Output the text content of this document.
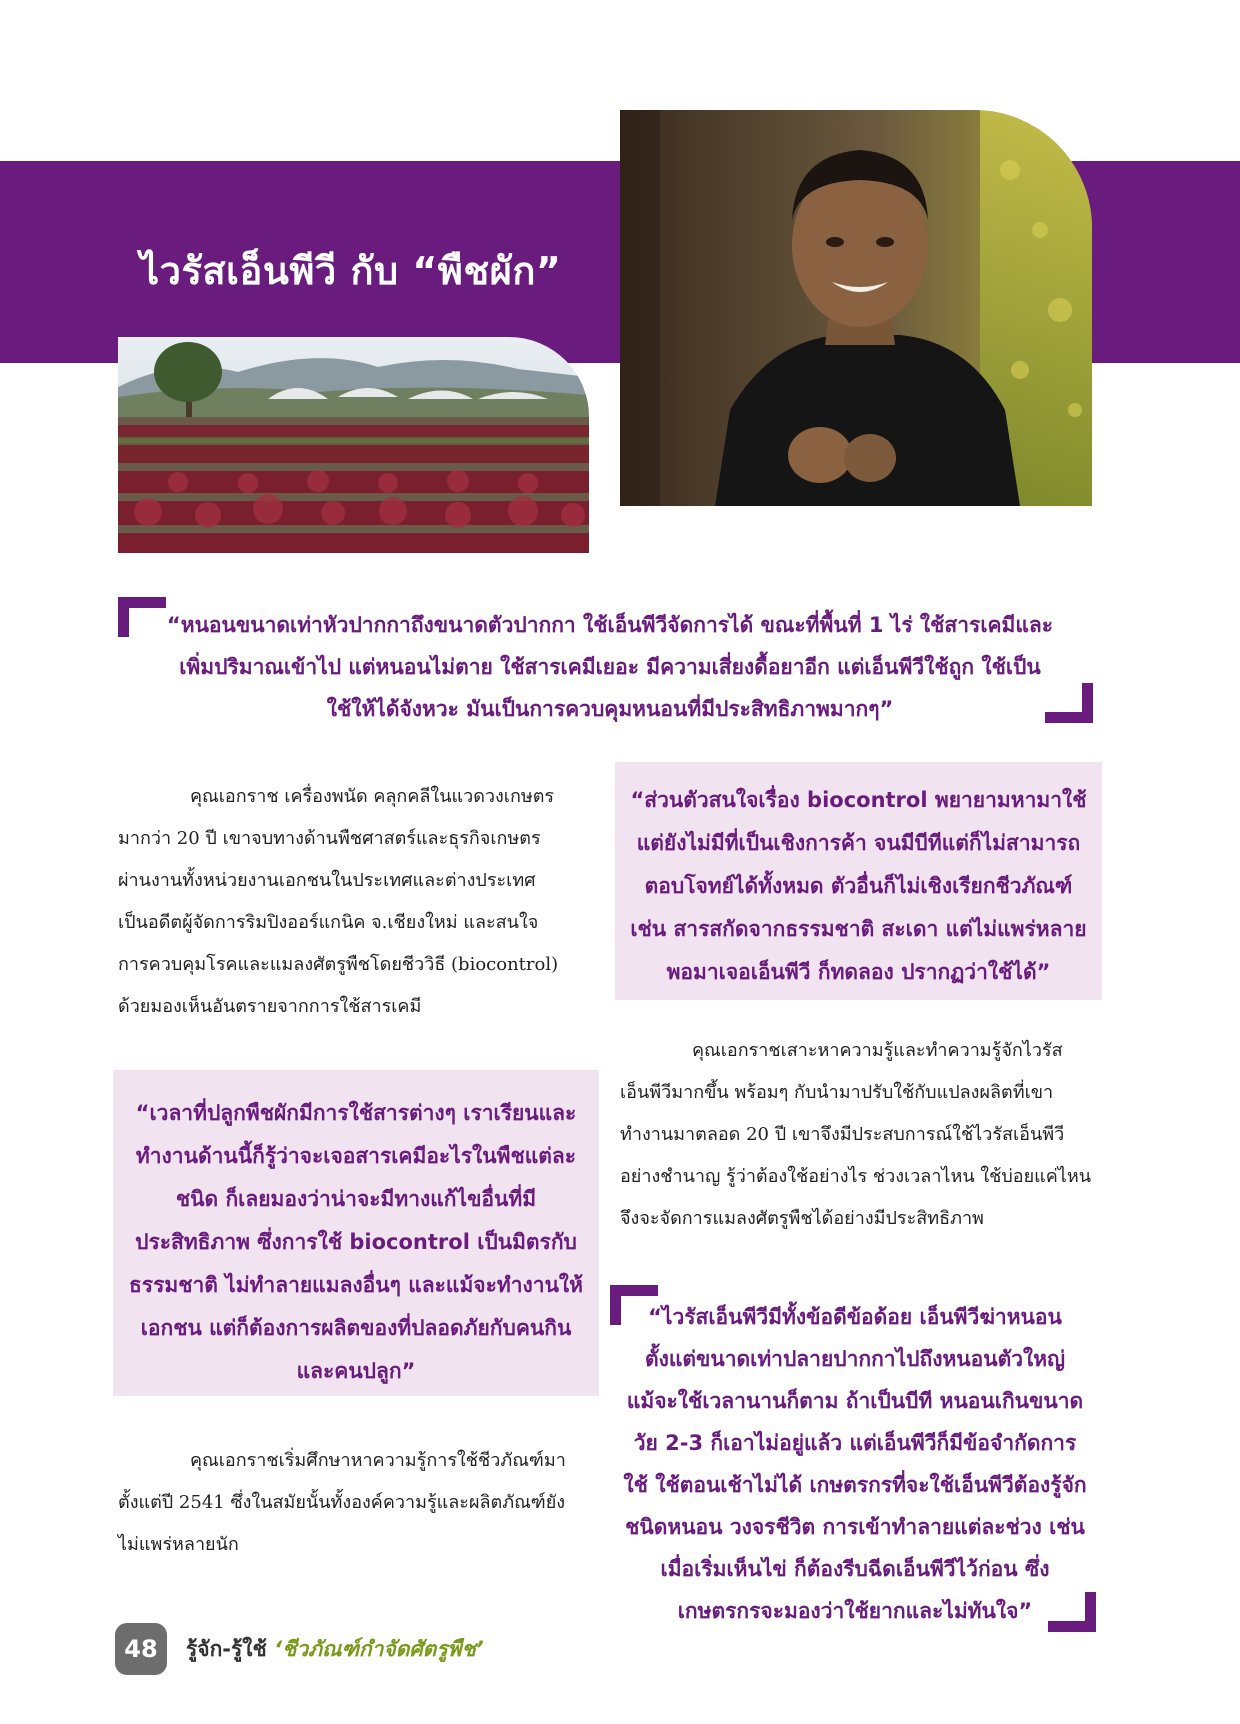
ไวรัสเอ็นพีวี กับ “พืชผัก”

“หนอนขนาดเท่าหัวปากกาถึงขนาดตัวปากกา ใช้เอ็นพีวีจัดการได้ ขณะที่พื้นที่ 1 ไร่ ใช้สารเคมีและ

เพิ่มปริมาณเข้าไป แต่หนอนไม่ตาย ใช้สารเคมีเยอะ มีความเสี่ยงดื้อยาอีก แต่เอ็นพีวีใช้ถูก ใช้เป็น

ใช้ให้ได้จังหวะ มันเป็นการควบคุมหนอนที่มีประสิทธิภาพมากๆ”

คุณเอกราช เครื่องพนัด คลุกคลีในแวดวงเกษตร
มากว่า 20 ปี เขาจบทางด้านพืชศาสตร์และธุรกิจเกษตร
ผ่านงานทั้งหน่วยงานเอกชนในประเทศและต่างประเทศ
เป็นอดีตผู้จัดการริมปิงออร์แกนิค จ.เชียงใหม่ และสนใจ
การควบคุมโรคและแมลงศัตรูพืชโดยชีววิธี (biocontrol)
ด้วยมองเห็นอันตรายจากการใช้สารเคมี

“เวลาที่ปลูกพืชผักมีการใช้สารต่างๆ เราเรียนและ

ทำงานด้านนี้ก็รู้ว่าจะเจอสารเคมีอะไรในพืชแต่ละ

ชนิด ก็เลยมองว่าน่าจะมีทางแก้ไขอื่นที่มี

ประสิทธิภาพ ซึ่งการใช้ biocontrol เป็นมิตรกับ

ธรรมชาติ ไม่ทำลายแมลงอื่นๆ และแม้จะทำงานให้

เอกชน แต่ก็ต้องการผลิตของที่ปลอดภัยกับคนกิน

และคนปลูก”

คุณเอกราชเริ่มศึกษาหาความรู้การใช้ชีวภัณฑ์มา
ตั้งแต่ปี 2541 ซึ่งในสมัยนั้นทั้งองค์ความรู้และผลิตภัณฑ์ยัง
ไม่แพร่หลายนัก

“ส่วนตัวสนใจเรื่อง biocontrol พยายามหามาใช้

แต่ยังไม่มีที่เป็นเชิงการค้า จนมีบีทีแต่ก็ไม่สามารถ

ตอบโจทย์ได้ทั้งหมด ตัวอื่นก็ไม่เชิงเรียกชีวภัณฑ์

เช่น สารสกัดจากธรรมชาติ สะเดา แต่ไม่แพร่หลาย

พอมาเจอเอ็นพีวี ก็ทดลอง ปรากฏว่าใช้ได้”

คุณเอกราชเสาะหาความรู้และทำความรู้จักไวรัส
เอ็นพีวีมากขึ้น พร้อมๆ กับนำมาปรับใช้กับแปลงผลิตที่เขา
ทำงานมาตลอด 20 ปี เขาจึงมีประสบการณ์ใช้ไวรัสเอ็นพีวี
อย่างชำนาญ รู้ว่าต้องใช้อย่างไร ช่วงเวลาไหน ใช้บ่อยแค่ไหน
จึงจะจัดการแมลงศัตรูพืชได้อย่างมีประสิทธิภาพ

“ไวรัสเอ็นพีวีมีทั้งข้อดีข้อด้อย เอ็นพีวีฆ่าหนอน

ตั้งแต่ขนาดเท่าปลายปากกาไปถึงหนอนตัวใหญ่

แม้จะใช้เวลานานก็ตาม ถ้าเป็นบีที หนอนเกินขนาด

วัย 2-3 ก็เอาไม่อยู่แล้ว แต่เอ็นพีวีก็มีข้อจำกัดการ

ใช้ ใช้ตอนเช้าไม่ได้ เกษตรกรที่จะใช้เอ็นพีวีต้องรู้จัก

ชนิดหนอน วงจรชีวิต การเข้าทำลายแต่ละช่วง เช่น

เมื่อเริ่มเห็นไข่ ก็ต้องรีบฉีดเอ็นพีวีไว้ก่อน ซึ่ง

เกษตรกรจะมองว่าใช้ยากและไม่ทันใจ”

48	รู้จัก-รู้ใช้ ‘ชีวภัณฑ์กำจัดศัตรูพืช’
